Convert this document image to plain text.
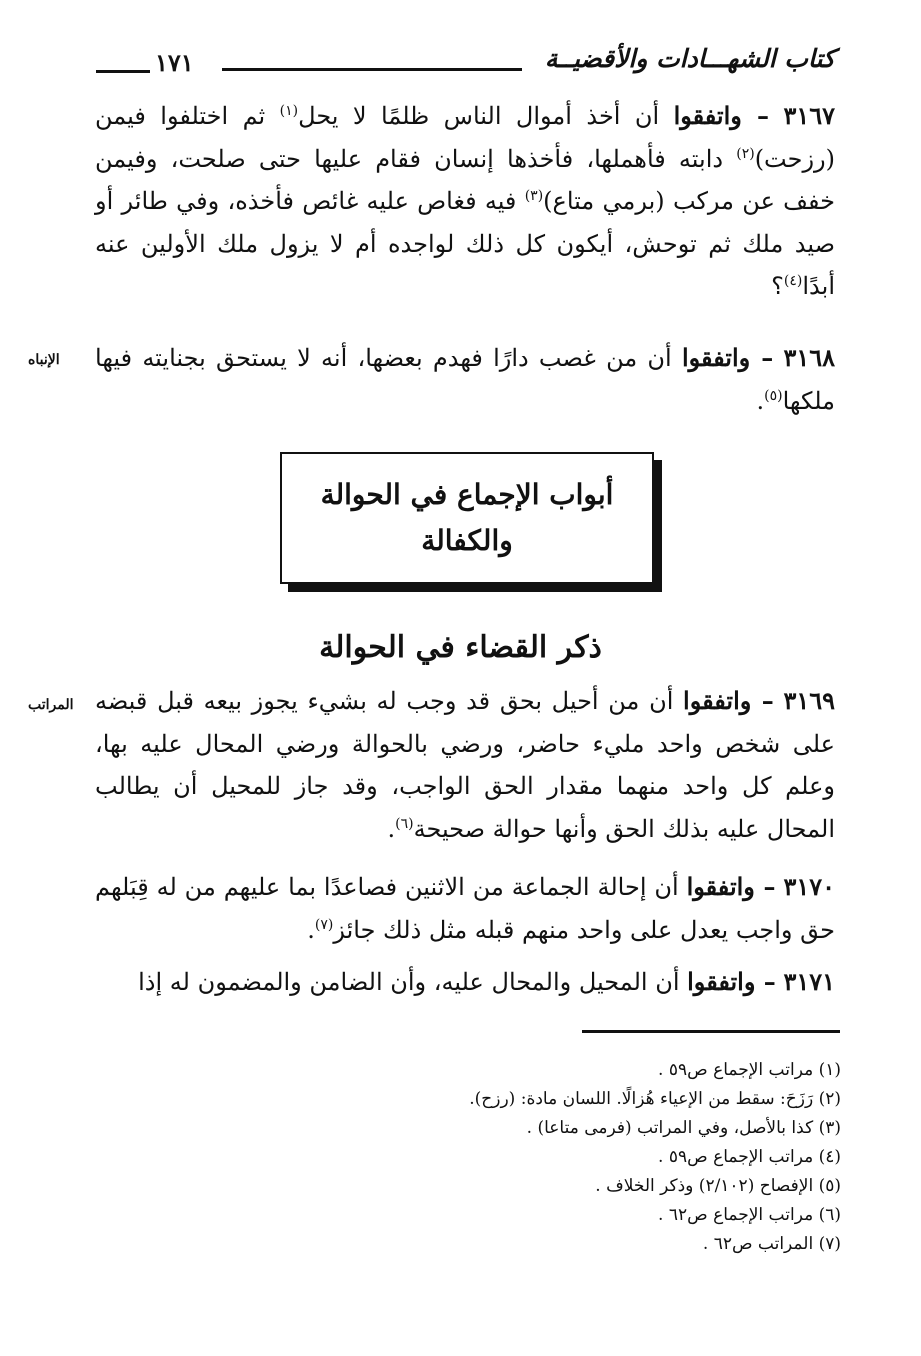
كتاب الشهـــادات والأقضيــة
١٧١
٣١٦٧ – واتفقوا أن أخذ أموال الناس ظلمًا لا يحل$^{(١)}$ ثم اختلفوا فيمن (رزحت)$^{(٢)}$ دابته فأهملها، فأخذها إنسان فقام عليها حتى صلحت، وفيمن خفف عن مركب (برمي متاع)$^{(٣)}$ فيه فغاص عليه غائص فأخذه، وفي طائر أو صيد ملك ثم توحش، أيكون كل ذلك لواجده أم لا يزول ملك الأولين عنه أبدًا$^{(٤)}$؟
٣١٦٨ – واتفقوا أن من غصب دارًا فهدم بعضها، أنه لا يستحق بجنايته فيها ملكها$^{(٥)}$.
الإنباه
أبواب الإجماع في الحوالة
والكفالة
ذكر القضاء في الحوالة
٣١٦٩ – واتفقوا أن من أحيل بحق قد وجب له بشيء يجوز بيعه قبل قبضه على شخص واحد مليء حاضر، ورضي بالحوالة ورضي المحال عليه بها، وعلم كل واحد منهما مقدار الحق الواجب، وقد جاز للمحيل أن يطالب المحال عليه بذلك الحق وأنها حوالة صحيحة$^{(٦)}$.
المراتب
٣١٧٠ – واتفقوا أن إحالة الجماعة من الاثنين فصاعدًا بما عليهم من له قِبَلهم حق واجب يعدل على واحد منهم قبله مثل ذلك جائز$^{(٧)}$.
٣١٧١ – واتفقوا أن المحيل والمحال عليه، وأن الضامن والمضمون له إذا
(١) مراتب الإجماع ص٥٩ .
(٢) رَزَحَ: سقط من الإعياء هُزالًا. اللسان مادة: (رزح).
(٣) كذا بالأصل، وفي المراتب (فرمى متاعا) .
(٤) مراتب الإجماع ص٥٩ .
(٥) الإفصاح (٢/١٠٢) وذكر الخلاف .
(٦) مراتب الإجماع ص٦٢ .
(٧) المراتب ص٦٢ .
